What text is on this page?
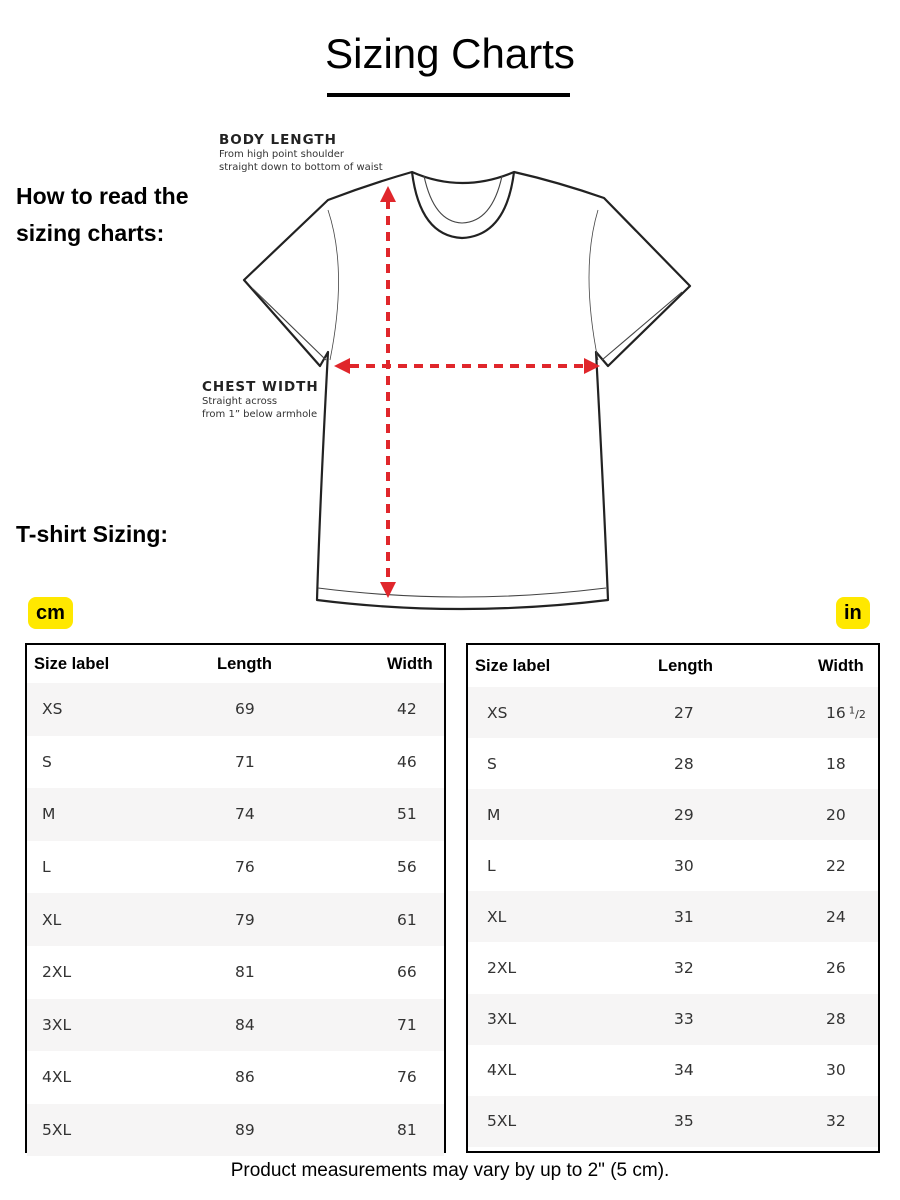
Sizing Charts
How to read the
sizing charts:
T-shirt Sizing:
BODY LENGTH
From high point shoulder
straight down to bottom of waist
CHEST WIDTH
Straight across
from 1” below armhole
cm	in
Size label	Length	Width
XS	69	42
S	71	46
M	74	51
L	76	56
XL	79	61
2XL	81	66
3XL	84	71
4XL	86	76
5XL	89	81
Size label	Length	Width
XS	27	16 $^1$/2
S	28	18
M	29	20
L	30	22
XL	31	24
2XL	32	26
3XL	33	28
4XL	34	30
5XL	35	32
Product measurements may vary by up to 2" (5 cm).
